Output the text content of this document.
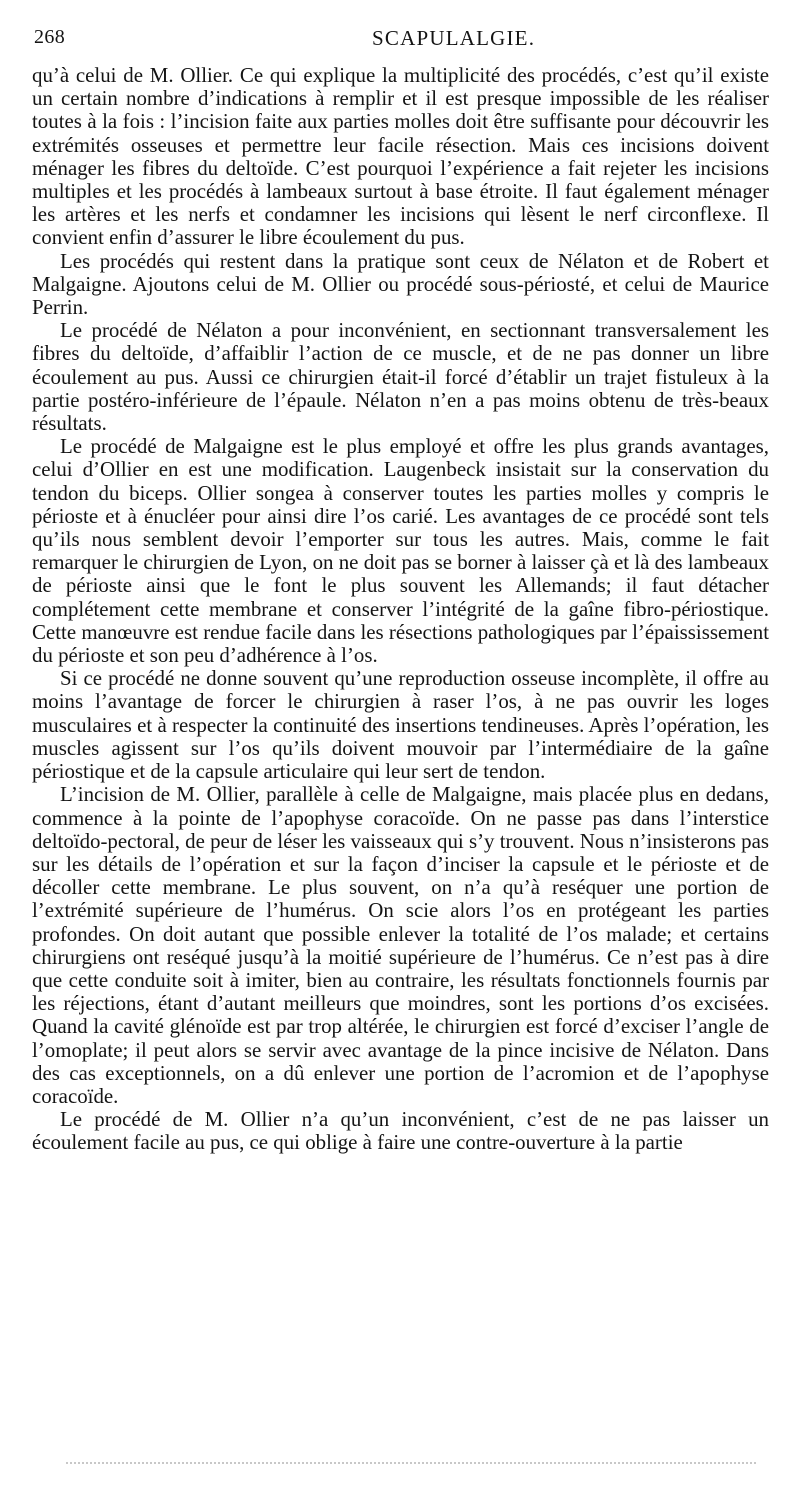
268	SCAPULALGIE.

qu’à celui de M. Ollier. Ce qui explique la multiplicité des procédés, c’est qu’il existe un certain nombre d’indications à remplir et il est presque impossible de les réaliser toutes à la fois : l’incision faite aux parties molles doit être suffisante pour découvrir les extrémités osseuses et permettre leur facile résection. Mais ces incisions doivent ménager les fibres du deltoïde. C’est pourquoi l’expérience a fait rejeter les incisions multiples et les procédés à lambeaux surtout à base étroite. Il faut également ménager les artères et les nerfs et condamner les incisions qui lèsent le nerf circonflexe. Il convient enfin d’assurer le libre écoulement du pus.

Les procédés qui restent dans la pratique sont ceux de Nélaton et de Robert et Malgaigne. Ajoutons celui de M. Ollier ou procédé sous-périosté, et celui de Maurice Perrin.

Le procédé de Nélaton a pour inconvénient, en sectionnant transversalement les fibres du deltoïde, d’affaiblir l’action de ce muscle, et de ne pas donner un libre écoulement au pus. Aussi ce chirurgien était-il forcé d’établir un trajet fistuleux à la partie postéro-inférieure de l’épaule. Nélaton n’en a pas moins obtenu de très-beaux résultats.

Le procédé de Malgaigne est le plus employé et offre les plus grands avantages, celui d’Ollier en est une modification. Laugenbeck insistait sur la conservation du tendon du biceps. Ollier songea à conserver toutes les parties molles y compris le périoste et à énucléer pour ainsi dire l’os carié. Les avantages de ce procédé sont tels qu’ils nous semblent devoir l’emporter sur tous les autres. Mais, comme le fait remarquer le chirurgien de Lyon, on ne doit pas se borner à laisser çà et là des lambeaux de périoste ainsi que le font le plus souvent les Allemands; il faut détacher complétement cette membrane et conserver l’intégrité de la gaîne fibro-périostique. Cette manœuvre est rendue facile dans les résections pathologiques par l’épaississement du périoste et son peu d’adhérence à l’os.

Si ce procédé ne donne souvent qu’une reproduction osseuse incomplète, il offre au moins l’avantage de forcer le chirurgien à raser l’os, à ne pas ouvrir les loges musculaires et à respecter la continuité des insertions tendineuses. Après l’opération, les muscles agissent sur l’os qu’ils doivent mouvoir par l’intermédiaire de la gaîne périostique et de la capsule articulaire qui leur sert de tendon.

L’incision de M. Ollier, parallèle à celle de Malgaigne, mais placée plus en dedans, commence à la pointe de l’apophyse coracoïde. On ne passe pas dans l’interstice deltoïdo-pectoral, de peur de léser les vaisseaux qui s’y trouvent. Nous n’insisterons pas sur les détails de l’opération et sur la façon d’inciser la capsule et le périoste et de décoller cette membrane. Le plus souvent, on n’a qu’à reséquer une portion de l’extrémité supérieure de l’humérus. On scie alors l’os en protégeant les parties profondes. On doit autant que possible enlever la totalité de l’os malade; et certains chirurgiens ont reséqué jusqu’à la moitié supérieure de l’humérus. Ce n’est pas à dire que cette conduite soit à imiter, bien au contraire, les résultats fonctionnels fournis par les réjections, étant d’autant meilleurs que moindres, sont les portions d’os excisées. Quand la cavité glénoïde est par trop altérée, le chirurgien est forcé d’exciser l’angle de l’omoplate; il peut alors se servir avec avantage de la pince incisive de Nélaton. Dans des cas exceptionnels, on a dû enlever une portion de l’acromion et de l’apophyse coracoïde.

Le procédé de M. Ollier n’a qu’un inconvénient, c’est de ne pas laisser un écoulement facile au pus, ce qui oblige à faire une contre-ouverture à la partie
